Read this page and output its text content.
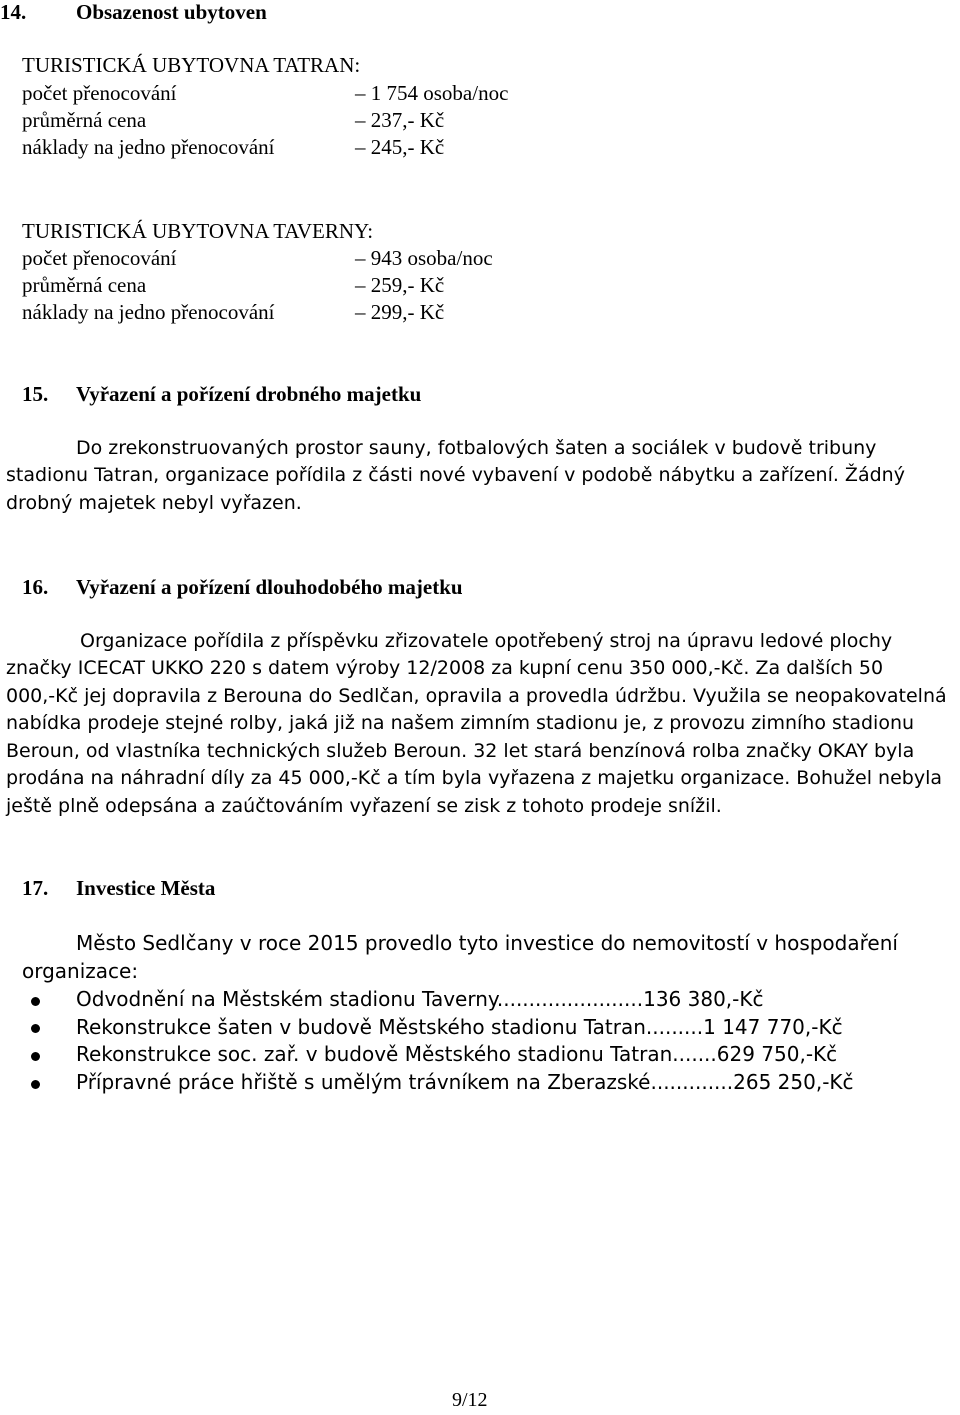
14. Obsazenost ubytoven
TURISTICKÁ UBYTOVNA TATRAN:
počet přenocování	– 1 754 osoba/noc
průměrná cena	– 237,- Kč
náklady na jedno přenocování	– 245,- Kč
TURISTICKÁ UBYTOVNA TAVERNY:
počet přenocování	– 943 osoba/noc
průměrná cena	– 259,- Kč
náklady na jedno přenocování	– 299,- Kč
15. Vyřazení a pořízení drobného majetku
Do zrekonstruovaných prostor sauny, fotbalových šaten a sociálek v budově tribuny
stadionu Tatran, organizace pořídila z části nové vybavení v podobě nábytku a zařízení. Žádný
drobný majetek nebyl vyřazen.
16. Vyřazení a pořízení dlouhodobého majetku
Organizace pořídila z příspěvku zřizovatele opotřebený stroj na úpravu ledové plochy
značky ICECAT UKKO 220 s datem výroby 12/2008 za kupní cenu 350 000,-Kč. Za dalších 50
000,-Kč jej dopravila z Berouna do Sedlčan, opravila a provedla údržbu. Využila se neopakovatelná
nabídka prodeje stejné rolby, jaká již na našem zimním stadionu je, z provozu zimního stadionu
Beroun, od vlastníka technických služeb Beroun. 32 let stará benzínová rolba značky OKAY byla
prodána na náhradní díly za 45 000,-Kč a tím byla vyřazena z majetku organizace. Bohužel nebyla
ještě plně odepsána a zaúčtováním vyřazení se zisk z tohoto prodeje snížil.
17. Investice Města
Město Sedlčany v roce 2015 provedlo tyto investice do nemovitostí v hospodaření
organizace:
Odvodnění na Městském stadionu Taverny.......................136 380,-Kč
Rekonstrukce šaten v budově Městského stadionu Tatran.........1 147 770,-Kč
Rekonstrukce soc. zař. v budově Městského stadionu Tatran.......629 750,-Kč
Přípravné práce hřiště s umělým trávníkem na Zberazské.............265 250,-Kč
9/12
